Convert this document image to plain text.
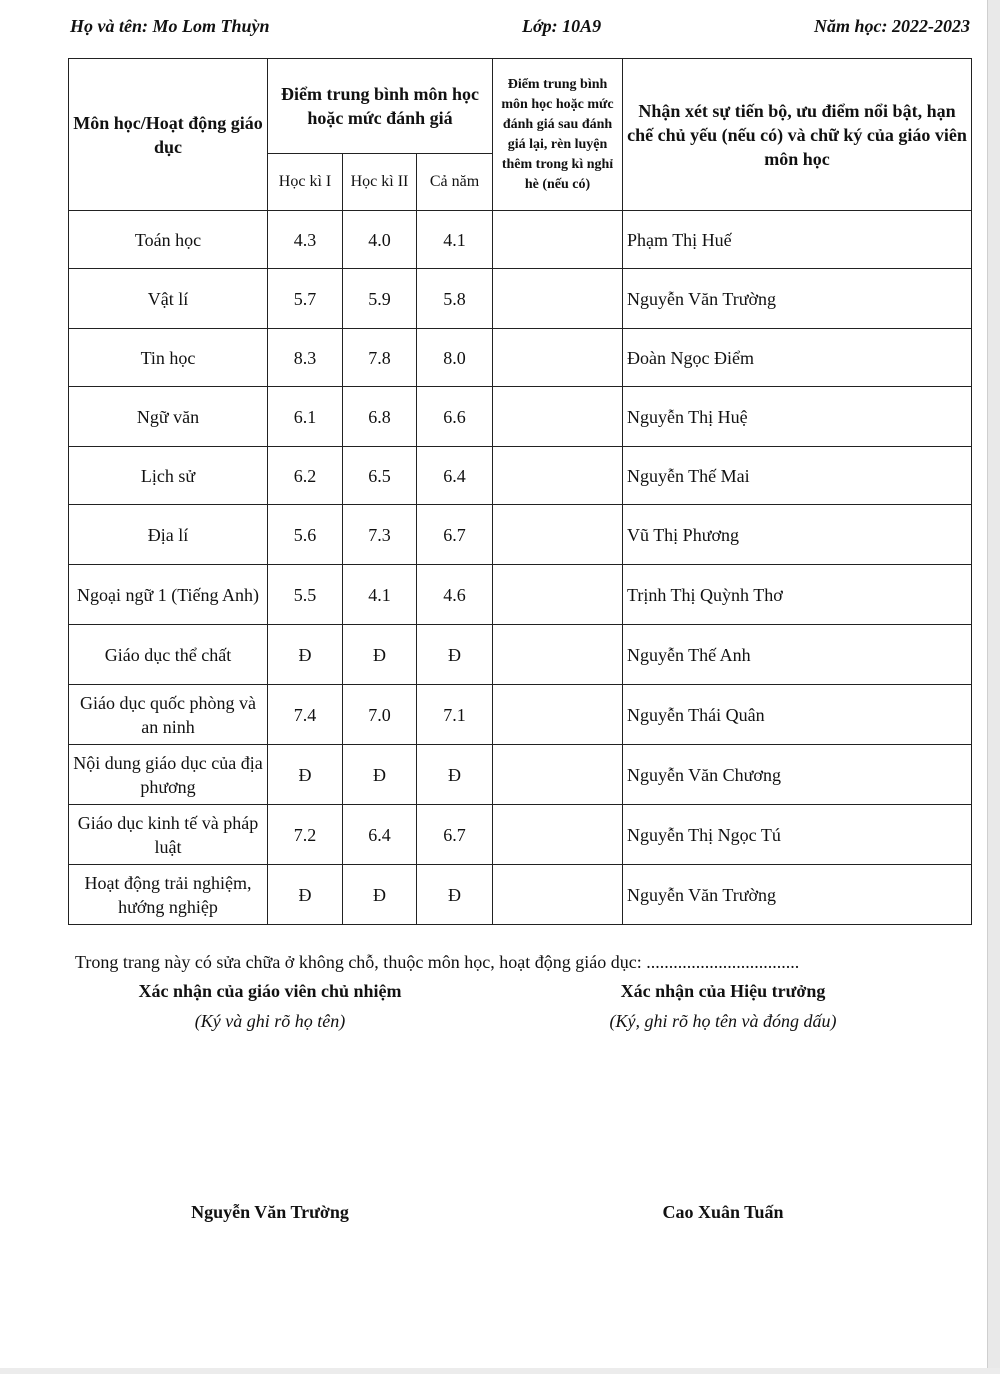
Họ và tên: Mo Lom Thuỳn	Lớp: 10A9	Năm học: 2022-2023
Môn học/Hoạt động giáo dục	Điểm trung bình môn học hoặc mức đánh giá			Điểm trung bình môn học hoặc mức đánh giá sau đánh giá lại, rèn luyện thêm trong kì nghỉ hè (nếu có)	Nhận xét sự tiến bộ, ưu điểm nổi bật, hạn chế chủ yếu (nếu có) và chữ ký của giáo viên môn học
	Học kì I	Học kì II	Cả năm		
Toán học	4.3	4.0	4.1		Phạm Thị Huế
Vật lí	5.7	5.9	5.8		Nguyễn Văn Trường
Tin học	8.3	7.8	8.0		Đoàn Ngọc Điểm
Ngữ văn	6.1	6.8	6.6		Nguyễn Thị Huệ
Lịch sử	6.2	6.5	6.4		Nguyễn Thế Mai
Địa lí	5.6	7.3	6.7		Vũ Thị Phương
Ngoại ngữ 1 (Tiếng Anh)	5.5	4.1	4.6		Trịnh Thị Quỳnh Thơ
Giáo dục thể chất	Đ	Đ	Đ		Nguyễn Thế Anh
Giáo dục quốc phòng và an ninh	7.4	7.0	7.1		Nguyễn Thái Quân
Nội dung giáo dục của địa phương	Đ	Đ	Đ		Nguyễn Văn Chương
Giáo dục kinh tế và pháp luật	7.2	6.4	6.7		Nguyễn Thị Ngọc Tú
Hoạt động trải nghiệm, hướng nghiệp	Đ	Đ	Đ		Nguyễn Văn Trường
Trong trang này có sửa chữa ở không chỗ, thuộc môn học, hoạt động giáo dục: ..................................
Xác nhận của giáo viên chủ nhiệm
(Ký và ghi rõ họ tên)
Xác nhận của Hiệu trưởng
(Ký, ghi rõ họ tên và đóng dấu)
Nguyễn Văn Trường	Cao Xuân Tuấn
